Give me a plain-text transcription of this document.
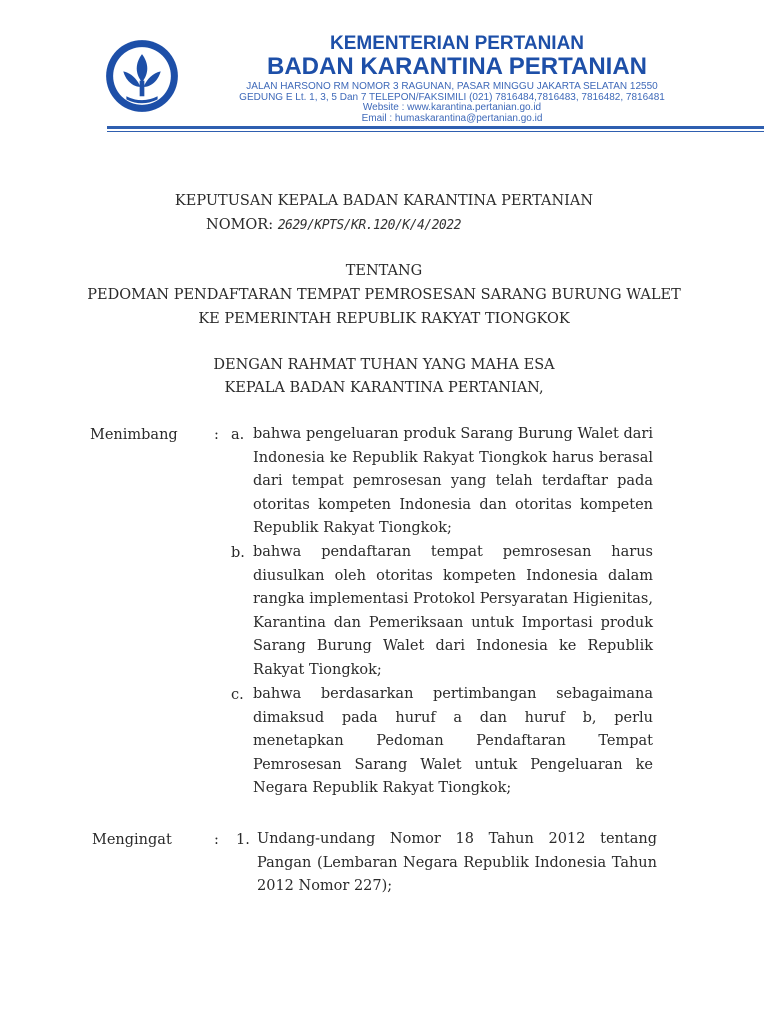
KEMENTERIAN PERTANIAN
BADAN KARANTINA PERTANIAN
JALAN HARSONO RM NOMOR 3 RAGUNAN, PASAR MINGGU JAKARTA SELATAN 12550
GEDUNG E Lt. 1, 3, 5 Dan 7 TELEPON/FAKSIMILI (021) 7816484,7816483, 7816482, 7816481
Website : www.karantina.pertanian.go.id
Email : humaskarantina@pertanian.go.id
KEPUTUSAN KEPALA BADAN KARANTINA PERTANIAN
NOMOR: 2629/KPTS/KR.120/K/4/2022
TENTANG
PEDOMAN PENDAFTARAN TEMPAT PEMROSESAN SARANG BURUNG WALET
KE PEMERINTAH REPUBLIK RAKYAT TIONGKOK
DENGAN RAHMAT TUHAN YANG MAHA ESA
KEPALA BADAN KARANTINA PERTANIAN,
Menimbang	: a. bahwa pengeluaran produk Sarang Burung Walet dari
Indonesia ke Republik Rakyat Tiongkok harus berasal
dari tempat pemrosesan yang telah terdaftar pada
otoritas kompeten Indonesia dan otoritas kompeten
Republik Rakyat Tiongkok;
b. bahwa pendaftaran tempat pemrosesan harus
diusulkan oleh otoritas kompeten Indonesia dalam
rangka implementasi Protokol Persyaratan Higienitas,
Karantina dan Pemeriksaan untuk Importasi produk
Sarang Burung Walet dari Indonesia ke Republik
Rakyat Tiongkok;
c. bahwa berdasarkan pertimbangan sebagaimana
dimaksud pada huruf a dan huruf b, perlu
menetapkan Pedoman Pendaftaran Tempat
Pemrosesan Sarang Walet untuk Pengeluaran ke
Negara Republik Rakyat Tiongkok;
Mengingat	: 1. Undang-undang Nomor 18 Tahun 2012 tentang
Pangan (Lembaran Negara Republik Indonesia Tahun
2012 Nomor 227);
